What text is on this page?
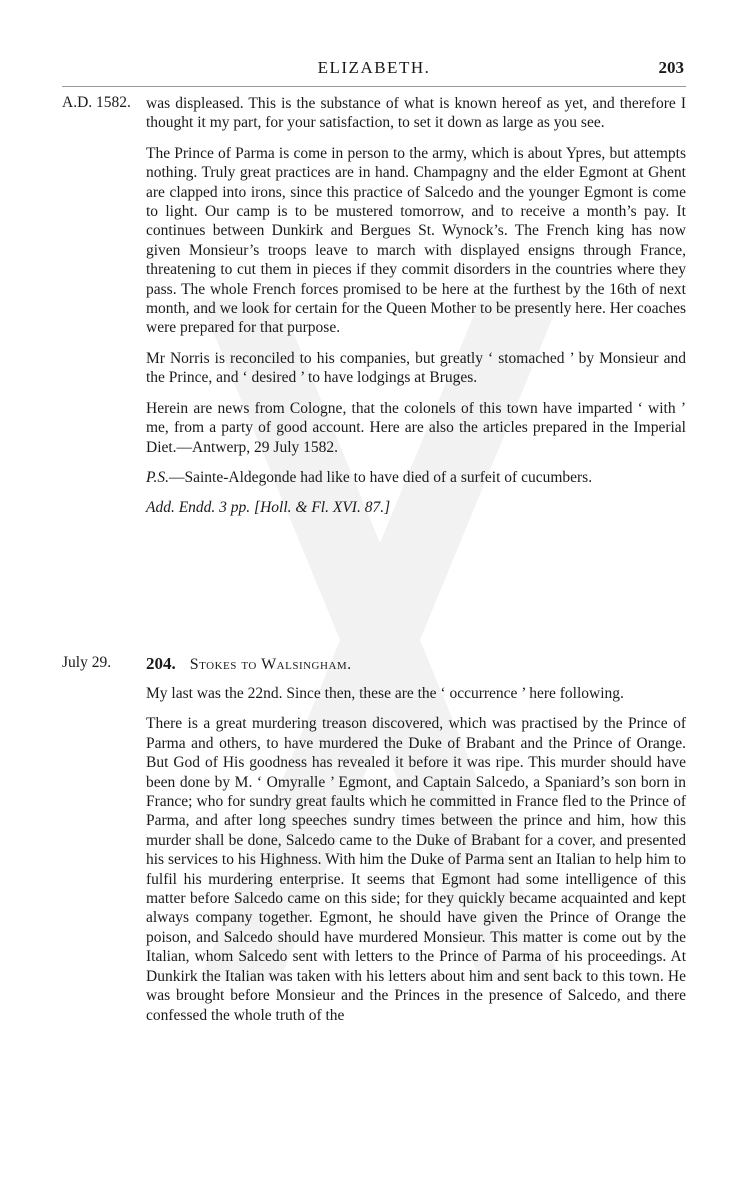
ELIZABETH.	203
A.D. 1582. was displeased. This is the substance of what is known hereof as yet, and therefore I thought it my part, for your satisfaction, to set it down as large as you see.

The Prince of Parma is come in person to the army, which is about Ypres, but attempts nothing. Truly great practices are in hand. Champagny and the elder Egmont at Ghent are clapped into irons, since this practice of Salcedo and the younger Egmont is come to light. Our camp is to be mustered tomorrow, and to receive a month’s pay. It continues between Dunkirk and Bergues St. Wynock’s. The French king has now given Monsieur’s troops leave to march with displayed ensigns through France, threatening to cut them in pieces if they commit disorders in the countries where they pass. The whole French forces promised to be here at the furthest by the 16th of next month, and we look for certain for the Queen Mother to be presently here. Her coaches were prepared for that purpose.

Mr Norris is reconciled to his companies, but greatly ‘ stomached ’ by Monsieur and the Prince, and ‘ desired ’ to have lodgings at Bruges.

Herein are news from Cologne, that the colonels of this town have imparted ‘ with ’ me, from a party of good account. Here are also the articles prepared in the Imperial Diet.—Antwerp, 29 July 1582.

P.S.—Sainte-Aldegonde had like to have died of a surfeit of cucumbers.

Add. Endd. 3 pp. [Holl. & Fl. XVI. 87.]

July 29. 204. Stokes to Walsingham.

My last was the 22nd. Since then, these are the ‘ occurrence ’ here following.

There is a great murdering treason discovered, which was practised by the Prince of Parma and others, to have murdered the Duke of Brabant and the Prince of Orange. But God of His goodness has revealed it before it was ripe. This murder should have been done by M. ‘ Omyralle ’ Egmont, and Captain Salcedo, a Spaniard’s son born in France; who for sundry great faults which he committed in France fled to the Prince of Parma, and after long speeches sundry times between the prince and him, how this murder shall be done, Salcedo came to the Duke of Brabant for a cover, and presented his services to his Highness. With him the Duke of Parma sent an Italian to help him to fulfil his murdering enterprise. It seems that Egmont had some intelligence of this matter before Salcedo came on this side; for they quickly became acquainted and kept always company together. Egmont, he should have given the Prince of Orange the poison, and Salcedo should have murdered Monsieur. This matter is come out by the Italian, whom Salcedo sent with letters to the Prince of Parma of his proceedings. At Dunkirk the Italian was taken with his letters about him and sent back to this town. He was brought before Monsieur and the Princes in the presence of Salcedo, and there confessed the whole truth of the
